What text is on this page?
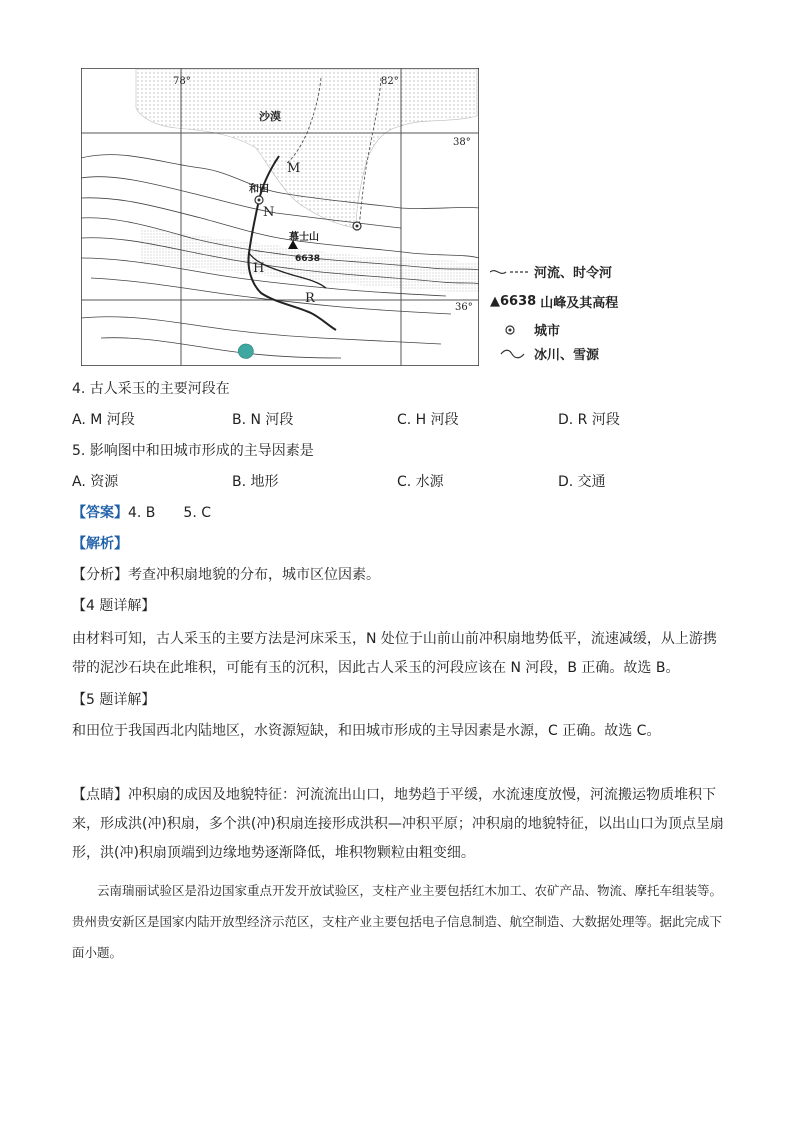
78°	82°
38°
36°
沙漠
和田
M
N
H
R
慕士山
6638
河流、时令河
▲6638 山峰及其高程
城市
冰川、雪源
4. 古人采玉的主要河段在
A. M 河段	B. N 河段	C. H 河段	D. R 河段
5. 影响图中和田城市形成的主导因素是
A. 资源	B. 地形	C. 水源	D. 交通
【答案】4. B　　5. C
【解析】
【分析】考查冲积扇地貌的分布，城市区位因素。
【4 题详解】
由材料可知，古人采玉的主要方法是河床采玉，N 处位于山前山前冲积扇地势低平，流速减缓，从上游携带的泥沙石块在此堆积，可能有玉的沉积，因此古人采玉的河段应该在 N 河段，B 正确。故选 B。
【5 题详解】
和田位于我国西北内陆地区，水资源短缺，和田城市形成的主导因素是水源，C 正确。故选 C。
【点睛】冲积扇的成因及地貌特征：河流流出山口，地势趋于平缓，水流速度放慢，河流搬运物质堆积下来，形成洪(冲)积扇，多个洪(冲)积扇连接形成洪积—冲积平原；冲积扇的地貌特征，以出山口为顶点呈扇形，洪(冲)积扇顶端到边缘地势逐渐降低，堆积物颗粒由粗变细。
云南瑞丽试验区是沿边国家重点开发开放试验区，支柱产业主要包括红木加工、农矿产品、物流、摩托车组装等。贵州贵安新区是国家内陆开放型经济示范区，支柱产业主要包括电子信息制造、航空制造、大数据处理等。据此完成下面小题。
